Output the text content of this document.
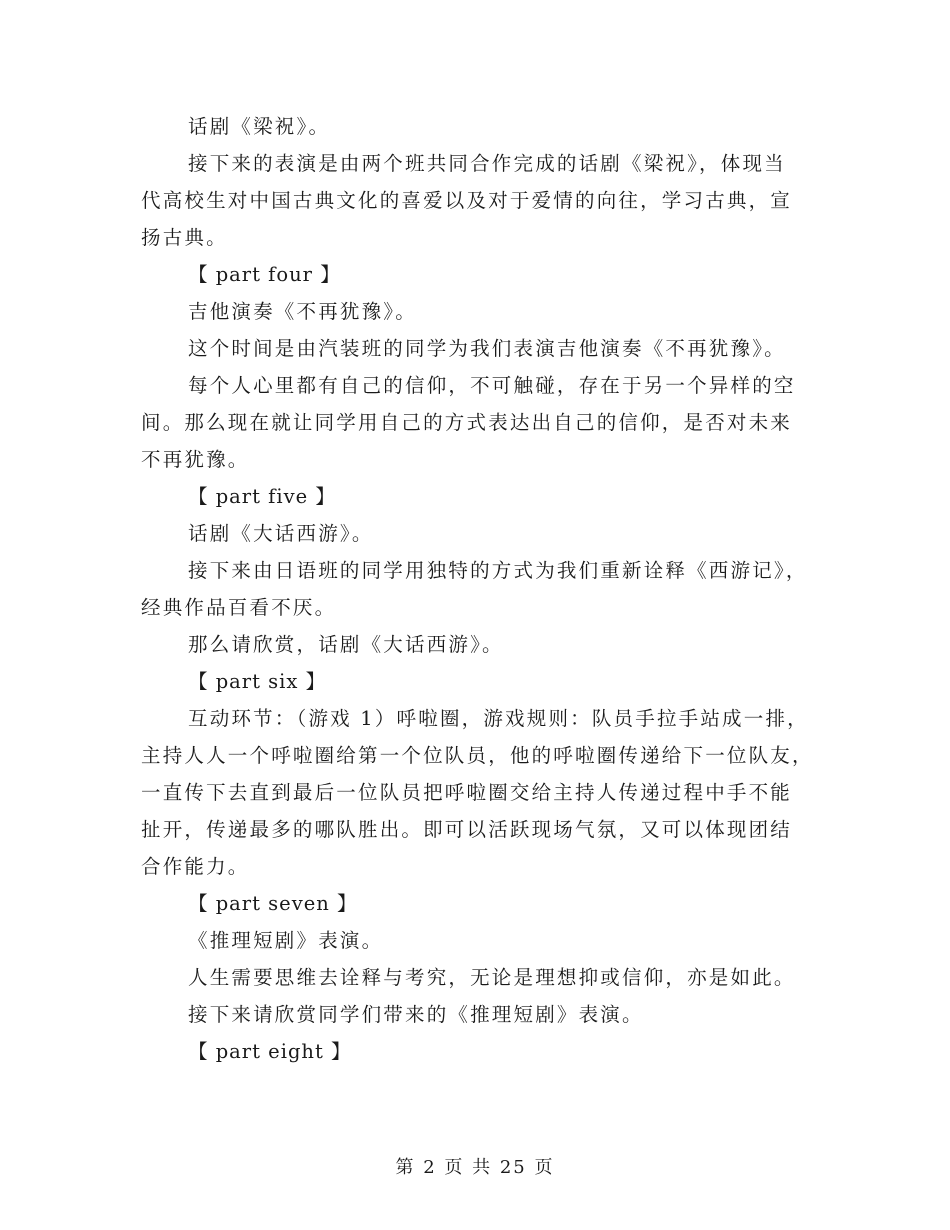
话剧《梁祝》。
接下来的表演是由两个班共同合作完成的话剧《梁祝》，体现当
代高校生对中国古典文化的喜爱以及对于爱情的向往，学习古典，宣
扬古典。
【 part four 】
吉他演奏《不再犹豫》。
这个时间是由汽装班的同学为我们表演吉他演奏《不再犹豫》。
每个人心里都有自己的信仰，不可触碰，存在于另一个异样的空
间。那么现在就让同学用自己的方式表达出自己的信仰，是否对未来
不再犹豫。
【 part five 】
话剧《大话西游》。
接下来由日语班的同学用独特的方式为我们重新诠释《西游记》，
经典作品百看不厌。
那么请欣赏，话剧《大话西游》。
【 part six 】
互动环节：（游戏 1）呼啦圈，游戏规则：队员手拉手站成一排，
主持人人一个呼啦圈给第一个位队员，他的呼啦圈传递给下一位队友，
一直传下去直到最后一位队员把呼啦圈交给主持人传递过程中手不能
扯开，传递最多的哪队胜出。即可以活跃现场气氛，又可以体现团结
合作能力。
【 part seven 】
《推理短剧》表演。
人生需要思维去诠释与考究，无论是理想抑或信仰，亦是如此。
接下来请欣赏同学们带来的《推理短剧》表演。
【 part eight 】
第 2 页 共 25 页
